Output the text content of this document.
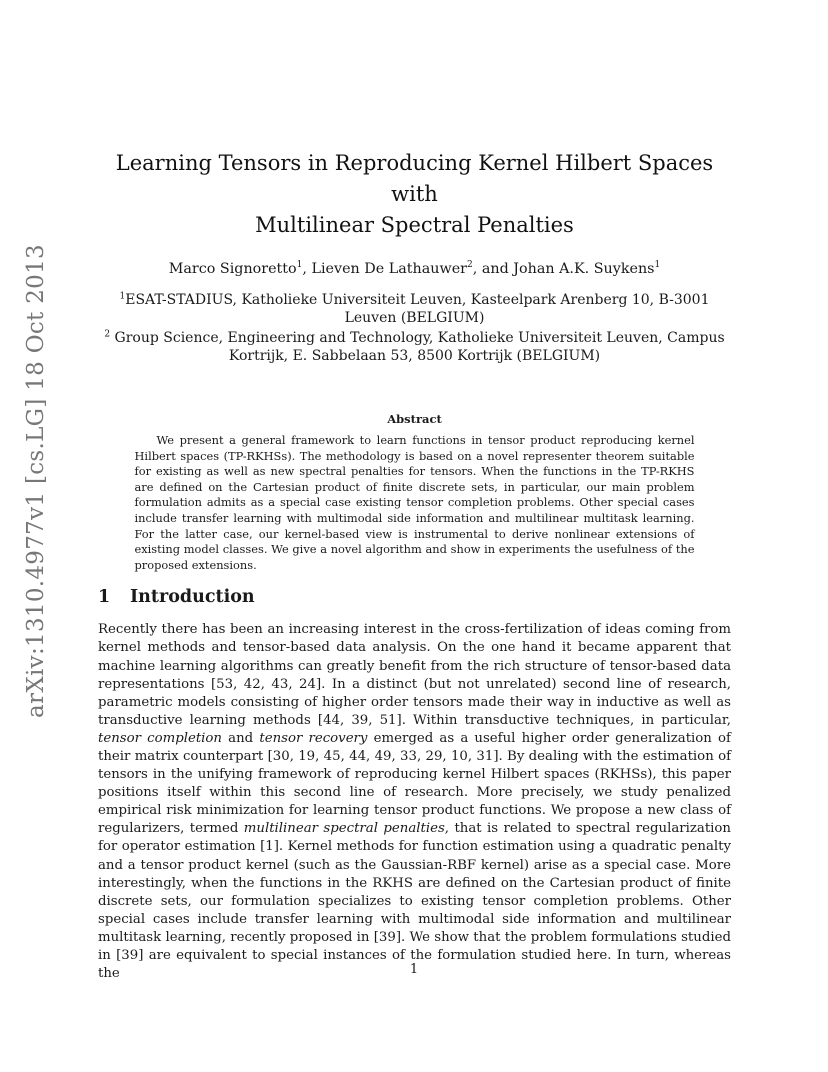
arXiv:1310.4977v1 [cs.LG] 18 Oct 2013
Learning Tensors in Reproducing Kernel Hilbert Spaces with
Multilinear Spectral Penalties
Marco Signoretto$^1$, Lieven De Lathauwer$^2$, and Johan A.K. Suykens$^1$
$^1$ESAT-STADIUS, Katholieke Universiteit Leuven, Kasteelpark Arenberg 10, B-3001
Leuven (BELGIUM)
$^2$ Group Science, Engineering and Technology, Katholieke Universiteit Leuven, Campus
Kortrijk, E. Sabbelaan 53, 8500 Kortrijk (BELGIUM)
Abstract

We present a general framework to learn functions in tensor product reproducing kernel Hilbert spaces (TP-RKHSs). The methodology is based on a novel representer theorem suitable for existing as well as new spectral penalties for tensors. When the functions in the TP-RKHS are defined on the Cartesian product of finite discrete sets, in particular, our main problem formulation admits as a special case existing tensor completion problems. Other special cases include transfer learning with multimodal side information and multilinear multitask learning. For the latter case, our kernel-based view is instrumental to derive nonlinear extensions of existing model classes. We give a novel algorithm and show in experiments the usefulness of the proposed extensions.

1 Introduction
Recently there has been an increasing interest in the cross-fertilization of ideas coming from kernel methods and tensor-based data analysis. On the one hand it became apparent that machine learning algorithms can greatly benefit from the rich structure of tensor-based data representations [53, 42, 43, 24]. In a distinct (but not unrelated) second line of research, parametric models consisting of higher order tensors made their way in inductive as well as transductive learning methods [44, 39, 51]. Within transductive techniques, in particular, tensor completion and tensor recovery emerged as a useful higher order generalization of their matrix counterpart [30, 19, 45, 44, 49, 33, 29, 10, 31]. By dealing with the estimation of tensors in the unifying framework of reproducing kernel Hilbert spaces (RKHSs), this paper positions itself within this second line of research. More precisely, we study penalized empirical risk minimization for learning tensor product functions. We propose a new class of regularizers, termed multilinear spectral penalties, that is related to spectral regularization for operator estimation [1]. Kernel methods for function estimation using a quadratic penalty and a tensor product kernel (such as the Gaussian-RBF kernel) arise as a special case. More interestingly, when the functions in the RKHS are defined on the Cartesian product of finite discrete sets, our formulation specializes to existing tensor completion problems. Other special cases include transfer learning with multimodal side information and multilinear multitask learning, recently proposed in [39]. We show that the problem formulations studied in [39] are equivalent to special instances of the formulation studied here. In turn, whereas the	1
